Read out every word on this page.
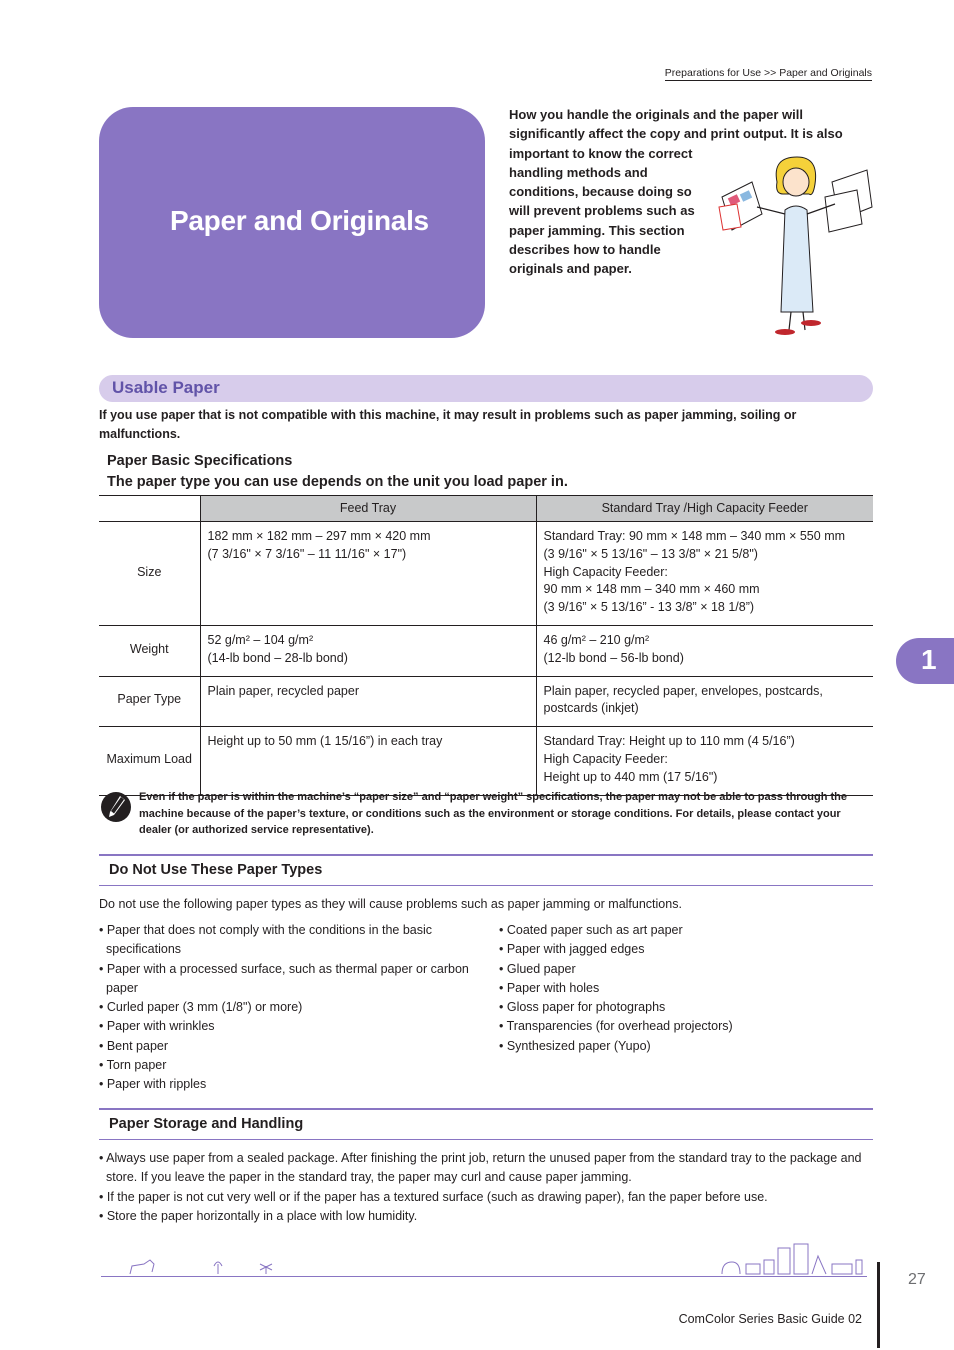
Preparations for Use >> Paper and Originals
Paper and Originals
How you handle the originals and the paper will
significantly affect the copy and print output. It is also
important to know the correct
handling methods and
conditions, because doing so
will prevent problems such as
paper jamming. This section
describes how to handle
originals and paper.
Usable Paper
If you use paper that is not compatible with this machine, it may result in problems such as paper jamming, soiling or malfunctions.
Paper Basic Specifications
The paper type you can use depends on the unit you load paper in.
	Feed Tray	Standard Tray /High Capacity Feeder
Size	182 mm × 182 mm – 297 mm × 420 mm
(7 3/16" × 7 3/16" – 11 11/16" × 17")	Standard Tray: 90 mm × 148 mm – 340 mm × 550 mm
(3 9/16" × 5 13/16" – 13 3/8" × 21 5/8")
High Capacity Feeder:
90 mm × 148 mm – 340 mm × 460 mm
(3 9/16” × 5 13/16” - 13 3/8” × 18 1/8”)

Weight	52 g/m² – 104 g/m²
(14-lb bond – 28-lb bond)	46 g/m² – 210 g/m²
(12-lb bond – 56-lb bond)

Paper Type	Plain paper, recycled paper	Plain paper, recycled paper, envelopes, postcards,
postcards (inkjet)

Maximum Load	Height up to 50 mm (1 15/16”) in each tray	Standard Tray: Height up to 110 mm (4 5/16”)
High Capacity Feeder:
Height up to 440 mm (17 5/16")
Even if the paper is within the machine’s “paper size” and “paper weight” specifications, the paper may not be able to pass through the machine because of the paper’s texture, or conditions such as the environment or storage conditions. For details, please contact your dealer (or authorized service representative).
Do Not Use These Paper Types
Do not use the following paper types as they will cause problems such as paper jamming or malfunctions.
• Paper that does not comply with the conditions in the basic specifications
• Paper with a processed surface, such as thermal paper or carbon paper
• Curled paper (3 mm (1/8") or more)
• Paper with wrinkles
• Bent paper
• Torn paper
• Paper with ripples
• Coated paper such as art paper
• Paper with jagged edges
• Glued paper
• Paper with holes
• Gloss paper for photographs
• Transparencies (for overhead projectors)
• Synthesized paper (Yupo)
Paper Storage and Handling
• Always use paper from a sealed package. After finishing the print job, return the unused paper from the standard tray to the package and store. If you leave the paper in the standard tray, the paper may curl and cause paper jamming.
• If the paper is not cut very well or if the paper has a textured surface (such as drawing paper), fan the paper before use.
• Store the paper horizontally in a place with low humidity.
1
27
ComColor Series Basic Guide 02
